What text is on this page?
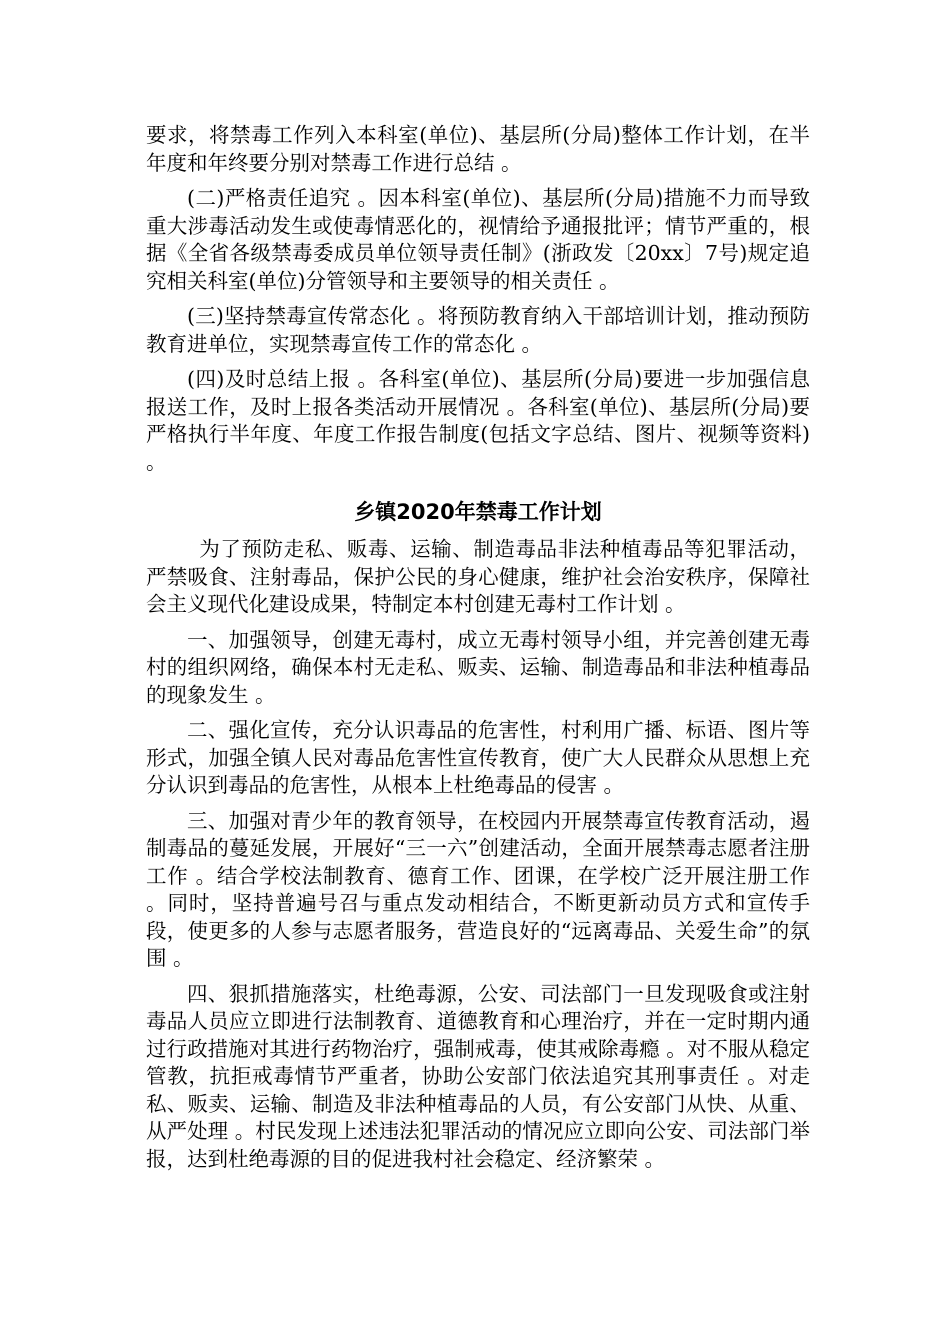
要求，将禁毒工作列入本科室(单位)、基层所(分局)整体工作计划，在半年度和年终要分别对禁毒工作进行总结 。

(二)严格责任追究 。因本科室(单位)、基层所(分局)措施不力而导致重大涉毒活动发生或使毒情恶化的，视情给予通报批评；情节严重的，根据《全省各级禁毒委成员单位领导责任制》(浙政发〔20xx〕7号)规定追究相关科室(单位)分管领导和主要领导的相关责任 。

(三)坚持禁毒宣传常态化 。将预防教育纳入干部培训计划，推动预防教育进单位，实现禁毒宣传工作的常态化 。

(四)及时总结上报 。各科室(单位)、基层所(分局)要进一步加强信息报送工作，及时上报各类活动开展情况 。各科室(单位)、基层所(分局)要严格执行半年度、年度工作报告制度(包括文字总结、图片、视频等资料) 。

乡镇2020年禁毒工作计划

为了预防走私、贩毒、运输、制造毒品非法种植毒品等犯罪活动，严禁吸食、注射毒品，保护公民的身心健康，维护社会治安秩序，保障社会主义现代化建设成果，特制定本村创建无毒村工作计划 。

一、加强领导，创建无毒村，成立无毒村领导小组，并完善创建无毒村的组织网络，确保本村无走私、贩卖、运输、制造毒品和非法种植毒品的现象发生 。

二、强化宣传，充分认识毒品的危害性，村利用广播、标语、图片等形式，加强全镇人民对毒品危害性宣传教育，使广大人民群众从思想上充分认识到毒品的危害性，从根本上杜绝毒品的侵害 。

三、加强对青少年的教育领导，在校园内开展禁毒宣传教育活动，遏制毒品的蔓延发展，开展好“三一六”创建活动，全面开展禁毒志愿者注册工作 。结合学校法制教育、德育工作、团课，在学校广泛开展注册工作 。同时，坚持普遍号召与重点发动相结合，不断更新动员方式和宣传手段，使更多的人参与志愿者服务，营造良好的“远离毒品、关爱生命”的氛围 。

四、狠抓措施落实，杜绝毒源，公安、司法部门一旦发现吸食或注射毒品人员应立即进行法制教育、道德教育和心理治疗，并在一定时期内通过行政措施对其进行药物治疗，强制戒毒，使其戒除毒瘾 。对不服从稳定管教，抗拒戒毒情节严重者，协助公安部门依法追究其刑事责任 。对走私、贩卖、运输、制造及非法种植毒品的人员，有公安部门从快、从重、从严处理 。村民发现上述违法犯罪活动的情况应立即向公安、司法部门举报，达到杜绝毒源的目的促进我村社会稳定、经济繁荣 。
